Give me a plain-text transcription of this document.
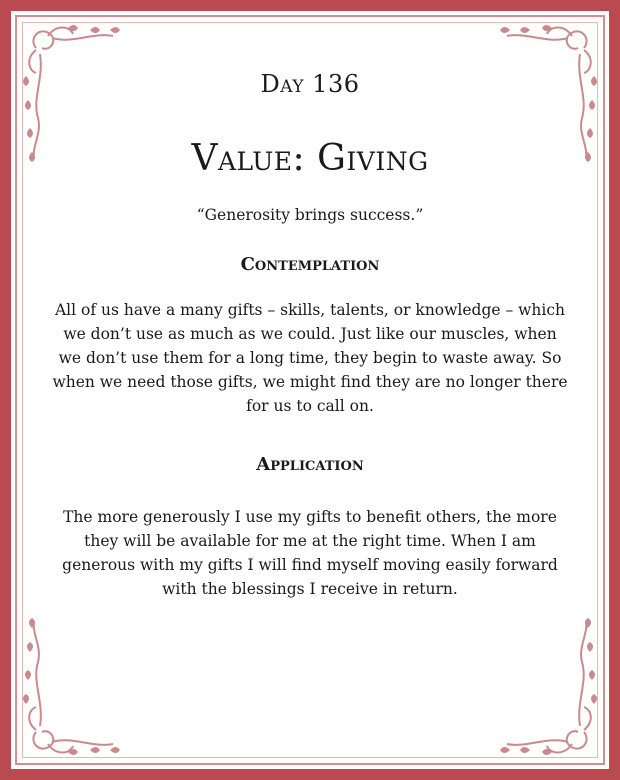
Day 136
Value: Giving
“Generosity brings success.”
Contemplation
All of us have a many gifts – skills, talents, or knowledge – which we don’t use as much as we could. Just like our muscles, when we don’t use them for a long time, they begin to waste away. So when we need those gifts, we might find they are no longer there for us to call on.
Application
The more generously I use my gifts to benefit others, the more they will be available for me at the right time. When I am generous with my gifts I will find myself moving easily forward with the blessings I receive in return.
